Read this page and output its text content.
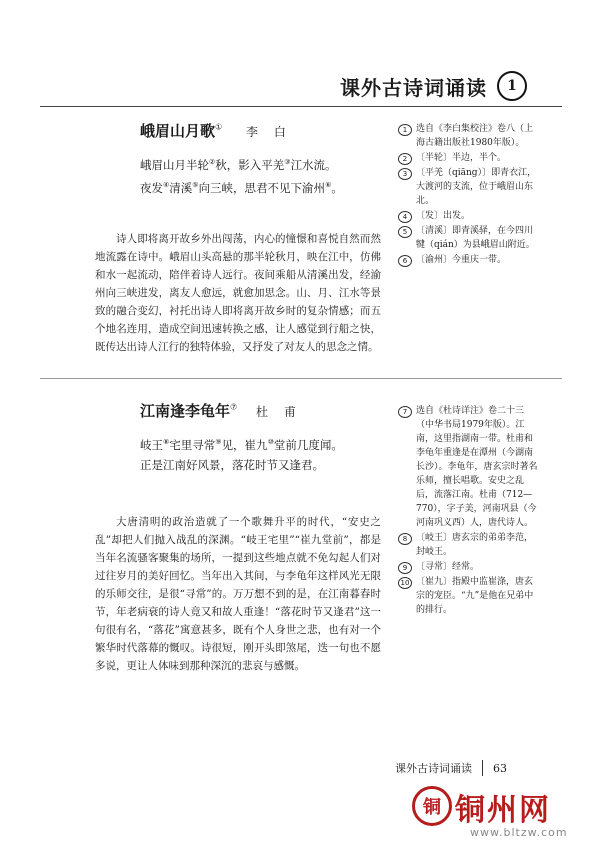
课外古诗词诵读	1
峨眉山月歌① 李 白
峨眉山月半轮②秋，影入平羌③江水流。
夜发④清溪⑤向三峡，思君不见下渝州⑥。
诗人即将离开故乡外出闯荡，内心的憧憬和喜悦自然而然地流露在诗中。峨眉山头高悬的那半轮秋月，映在江中，仿佛和水一起流动，陪伴着诗人远行。夜间乘船从清溪出发，经渝州向三峡进发，离友人愈远，就愈加思念。山、月、江水等景致的融合变幻，衬托出诗人即将离开故乡时的复杂情感；而五个地名连用，造成空间迅速转换之感，让人感觉到行船之快，既传达出诗人江行的独特体验，又抒发了对友人的思念之情。
1 选自《李白集校注》卷八（上海古籍出版社1980年版）。
2 〔半轮〕半边，半个。
3 〔平羌（qiāng）〕即青衣江，大渡河的支流，位于峨眉山东北。
4 〔发〕出发。
5 〔清溪〕即青溪驿，在今四川犍（qián）为县峨眉山附近。
6 〔渝州〕今重庆一带。
江南逢李龟年⑦ 杜 甫
岐王⑧宅里寻常⑨见，崔九⑩堂前几度闻。
正是江南好风景，落花时节又逢君。
大唐清明的政治造就了一个歌舞升平的时代，“安史之乱”却把人们抛入战乱的深渊。“岐王宅里”“崔九堂前”，都是当年名流骚客聚集的场所，一提到这些地点就不免勾起人们对过往岁月的美好回忆。当年出入其间，与李龟年这样风光无限的乐师交往，是很“寻常”的。万万想不到的是，在江南暮春时节，年老病衰的诗人竟又和故人重逢！“落花时节又逢君”这一句很有名，“落花”寓意甚多，既有个人身世之悲，也有对一个繁华时代落幕的慨叹。诗很短，刚开头即煞尾，迭一句也不愿多说，更让人体味到那种深沉的悲哀与感慨。
7 选自《杜诗详注》卷二十三（中华书局1979年版）。江南，这里指湖南一带。杜甫和李龟年重逢是在潭州（今湖南长沙）。李龟年，唐玄宗时著名乐师，擅长唱歌。安史之乱后，流落江南。杜甫（712—770），字子美，河南巩县（今河南巩义西）人，唐代诗人。
8 〔岐王〕唐玄宗的弟弟李范，封岐王。
9 〔寻常〕经常。
10 〔崔九〕指殿中监崔涤，唐玄宗的宠臣。“九”是他在兄弟中的排行。
课外古诗词诵读 63
铜 铜州网
www.bltzw.com
